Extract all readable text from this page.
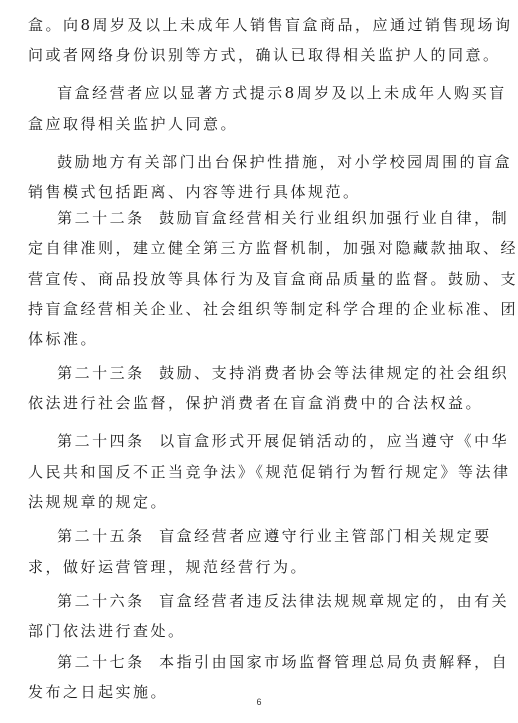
盒。向8周岁及以上未成年人销售盲盒商品，应通过销售现场询
问或者网络身份识别等方式，确认已取得相关监护人的同意。
盲盒经营者应以显著方式提示8周岁及以上未成年人购买盲
盒应取得相关监护人同意。
鼓励地方有关部门出台保护性措施，对小学校园周围的盲盒
销售模式包括距离、内容等进行具体规范。
第二十二条  鼓励盲盒经营相关行业组织加强行业自律，制
定自律准则，建立健全第三方监督机制，加强对隐藏款抽取、经
营宣传、商品投放等具体行为及盲盒商品质量的监督。鼓励、支
持盲盒经营相关企业、社会组织等制定科学合理的企业标准、团
体标准。
第二十三条  鼓励、支持消费者协会等法律规定的社会组织
依法进行社会监督，保护消费者在盲盒消费中的合法权益。
第二十四条  以盲盒形式开展促销活动的，应当遵守《中华
人民共和国反不正当竞争法》《规范促销行为暂行规定》等法律
法规规章的规定。
第二十五条  盲盒经营者应遵守行业主管部门相关规定要
求，做好运营管理，规范经营行为。
第二十六条  盲盒经营者违反法律法规规章规定的，由有关
部门依法进行查处。
第二十七条  本指引由国家市场监督管理总局负责解释，自
发布之日起实施。
6
